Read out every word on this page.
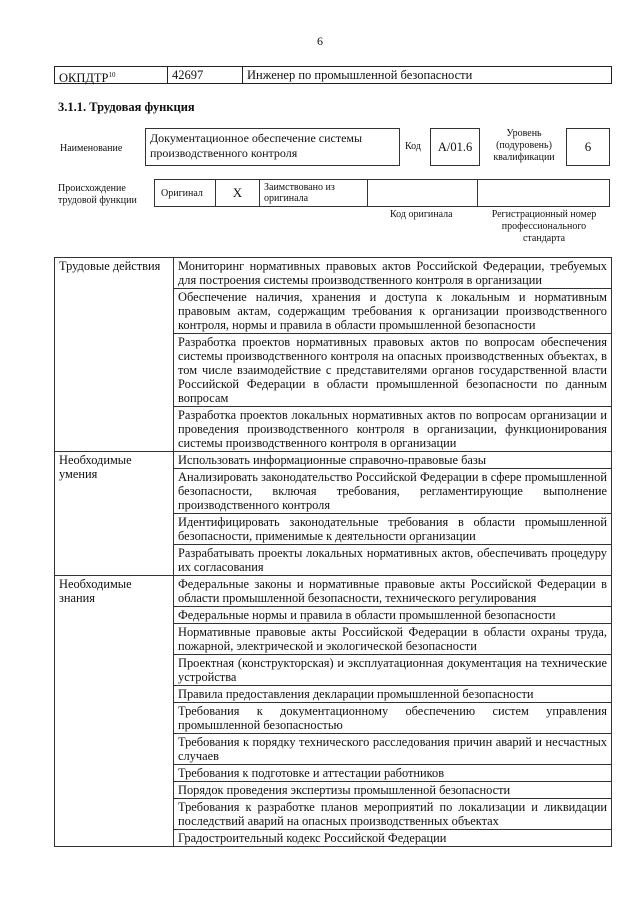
6
ОКПДТР$^{10}$	42697	Инженер по промышленной безопасности
3.1.1. Трудовая функция
Наименование
Документационное обеспечение системы производственного контроля	Код	A/01.6
Уровень (подуровень) квалификации
6
Происхождение трудовой функции
Оригинал	X	Заимствовано из оригинала
Код оригинала	Регистрационный номер профессионального стандарта
Трудовые действия	Мониторинг нормативных правовых актов Российской Федерации, требуемых для построения системы производственного контроля в организации
	Обеспечение наличия, хранения и доступа к локальным и нормативным правовым актам, содержащим требования к организации производственного контроля, нормы и правила в области промышленной безопасности
	Разработка проектов нормативных правовых актов по вопросам обеспечения системы производственного контроля на опасных производственных объектах, в том числе взаимодействие с представителями органов государственной власти Российской Федерации в области промышленной безопасности по данным вопросам
	Разработка проектов локальных нормативных актов по вопросам организации и проведения производственного контроля в организации, функционирования системы производственного контроля в организации
Необходимые умения	Использовать информационные справочно-правовые базы
	Анализировать законодательство Российской Федерации в сфере промышленной безопасности, включая требования, регламентирующие выполнение производственного контроля
	Идентифицировать законодательные требования в области промышленной безопасности, применимые к деятельности организации
	Разрабатывать проекты локальных нормативных актов, обеспечивать процедуру их согласования
Необходимые знания	Федеральные законы и нормативные правовые акты Российской Федерации в области промышленной безопасности, технического регулирования
	Федеральные нормы и правила в области промышленной безопасности
	Нормативные правовые акты Российской Федерации в области охраны труда, пожарной, электрической и экологической безопасности
	Проектная (конструкторская) и эксплуатационная документация на технические устройства
	Правила предоставления декларации промышленной безопасности
	Требования к документационному обеспечению систем управления промышленной безопасностью
	Требования к порядку технического расследования причин аварий и несчастных случаев
	Требования к подготовке и аттестации работников
	Порядок проведения экспертизы промышленной безопасности
	Требования к разработке планов мероприятий по локализации и ликвидации последствий аварий на опасных производственных объектах
	Градостроительный кодекс Российской Федерации
